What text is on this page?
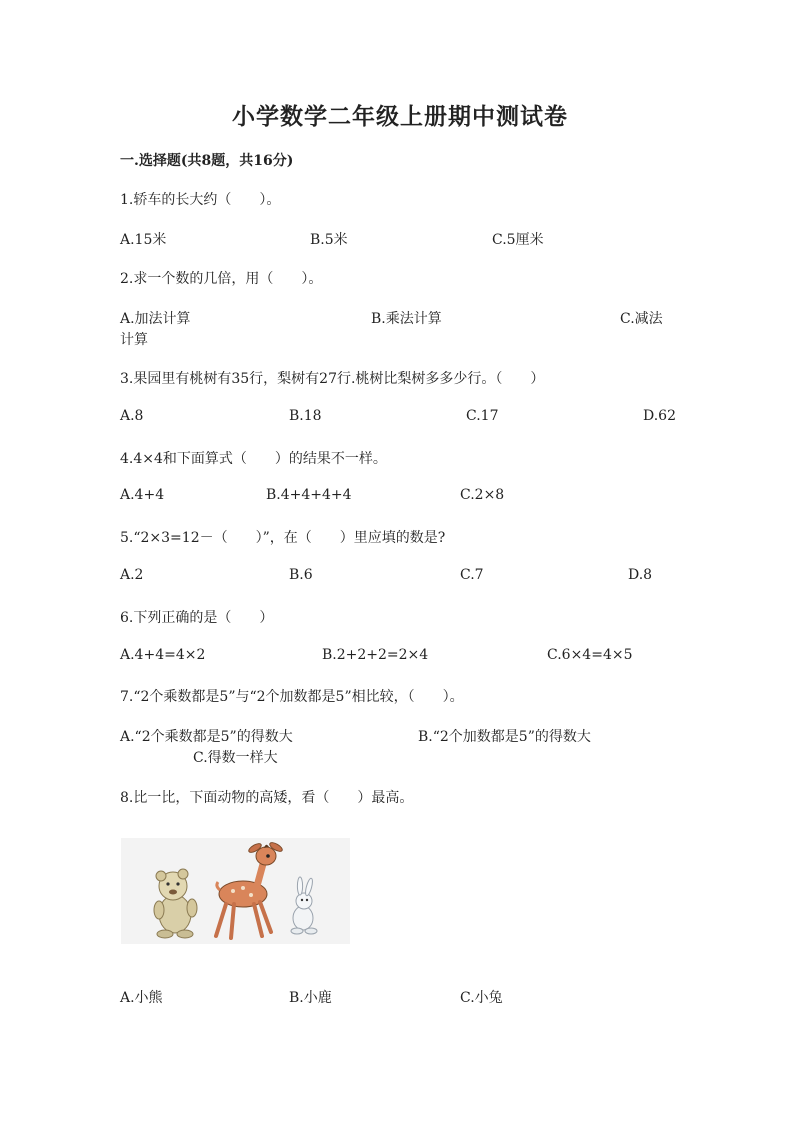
小学数学二年级上册期中测试卷
一.选择题(共8题，共16分)
1.轿车的长大约（　　）。
A.15米	B.5米	C.5厘米
2.求一个数的几倍，用（　　）。
A.加法计算	B.乘法计算	C.减法
计算
3.果园里有桃树有35行，梨树有27行.桃树比梨树多多少行。（　　）
A.8	B.18	C.17	D.62
4.4×4和下面算式（　　）的结果不一样。
A.4+4	B.4+4+4+4	C.2×8
5.“2×3=12－（　　）”，在（　　）里应填的数是?
A.2	B.6	C.7	D.8
6.下列正确的是（　　）
A.4+4=4×2	B.2+2+2=2×4	C.6×4=4×5
7.“2个乘数都是5”与“2个加数都是5”相比较，（　　）。
A.“2个乘数都是5”的得数大	B.“2个加数都是5”的得数大
C.得数一样大
8.比一比，下面动物的高矮，看（　　）最高。
A.小熊	B.小鹿	C.小兔
